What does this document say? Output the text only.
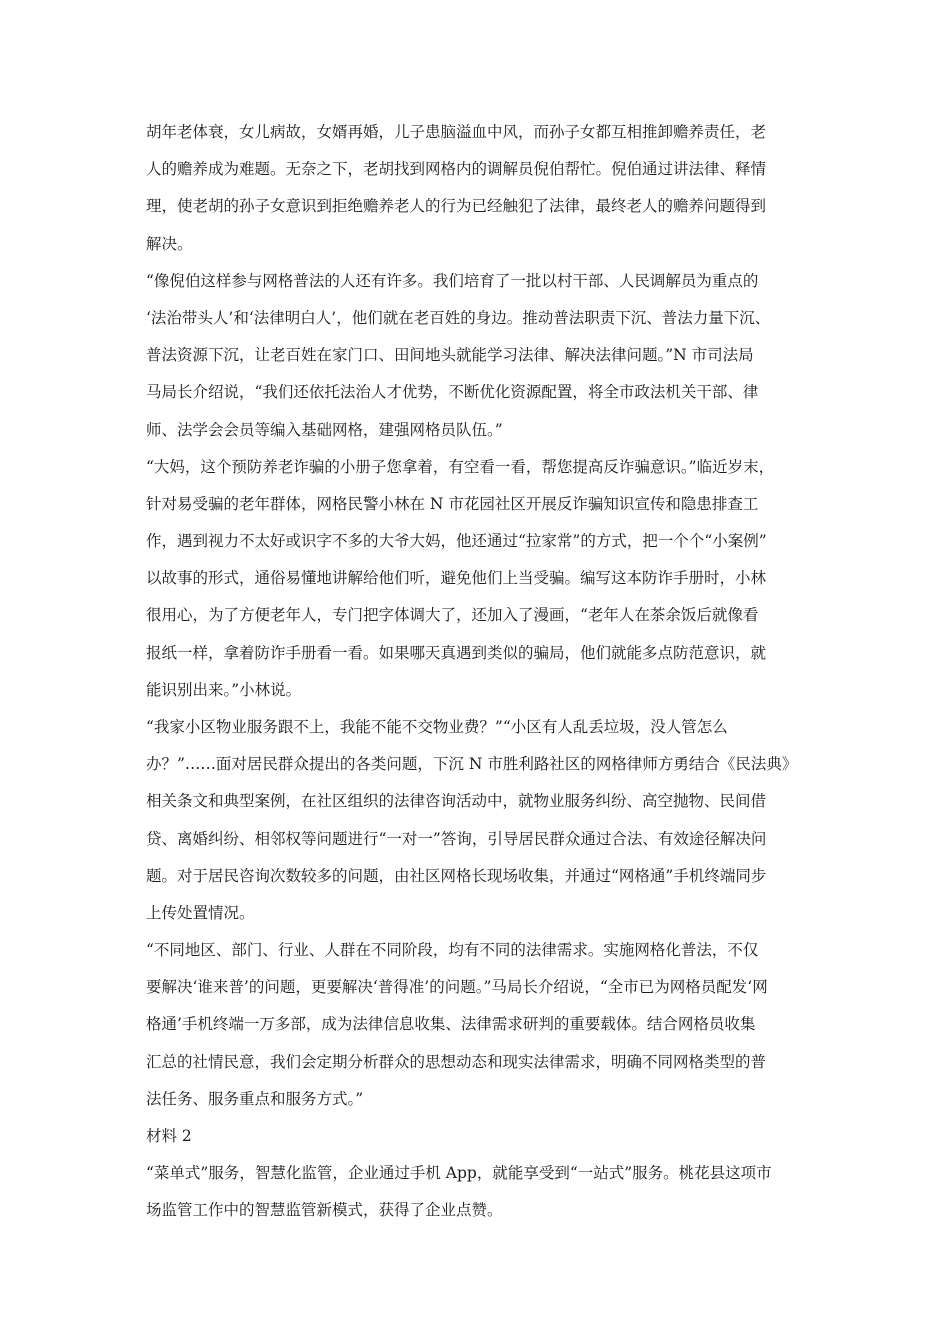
胡年老体衰，女儿病故，女婿再婚，儿子患脑溢血中风，而孙子女都互相推卸赡养责任，老
人的赡养成为难题。无奈之下，老胡找到网格内的调解员倪伯帮忙。倪伯通过讲法律、释情
理，使老胡的孙子女意识到拒绝赡养老人的行为已经触犯了法律，最终老人的赡养问题得到
解决。
“像倪伯这样参与网格普法的人还有许多。我们培育了一批以村干部、人民调解员为重点的
‘法治带头人’和‘法律明白人’，他们就在老百姓的身边。推动普法职责下沉、普法力量下沉、
普法资源下沉，让老百姓在家门口、田间地头就能学习法律、解决法律问题。”N 市司法局
马局长介绍说，“我们还依托法治人才优势，不断优化资源配置，将全市政法机关干部、律
师、法学会会员等编入基础网格，建强网格员队伍。”
“大妈，这个预防养老诈骗的小册子您拿着，有空看一看，帮您提高反诈骗意识。”临近岁末，
针对易受骗的老年群体，网格民警小林在 N 市花园社区开展反诈骗知识宣传和隐患排查工
作，遇到视力不太好或识字不多的大爷大妈，他还通过“拉家常”的方式，把一个个“小案例”
以故事的形式，通俗易懂地讲解给他们听，避免他们上当受骗。编写这本防诈手册时，小林
很用心，为了方便老年人，专门把字体调大了，还加入了漫画，“老年人在茶余饭后就像看
报纸一样，拿着防诈手册看一看。如果哪天真遇到类似的骗局，他们就能多点防范意识，就
能识别出来。”小林说。
“我家小区物业服务跟不上，我能不能不交物业费？”“小区有人乱丢垃圾，没人管怎么
办？”……面对居民群众提出的各类问题，下沉 N 市胜利路社区的网格律师方勇结合《民法典》
相关条文和典型案例，在社区组织的法律咨询活动中，就物业服务纠纷、高空抛物、民间借
贷、离婚纠纷、相邻权等问题进行“一对一”答询，引导居民群众通过合法、有效途径解决问
题。对于居民咨询次数较多的问题，由社区网格长现场收集，并通过“网格通”手机终端同步
上传处置情况。
“不同地区、部门、行业、人群在不同阶段，均有不同的法律需求。实施网格化普法，不仅
要解决‘谁来普’的问题，更要解决‘普得准’的问题。”马局长介绍说，“全市已为网格员配发‘网
格通’手机终端一万多部，成为法律信息收集、法律需求研判的重要载体。结合网格员收集
汇总的社情民意，我们会定期分析群众的思想动态和现实法律需求，明确不同网格类型的普
法任务、服务重点和服务方式。”
材料 2
“菜单式”服务，智慧化监管，企业通过手机 App，就能享受到“一站式”服务。桃花县这项市
场监管工作中的智慧监管新模式，获得了企业点赞。
